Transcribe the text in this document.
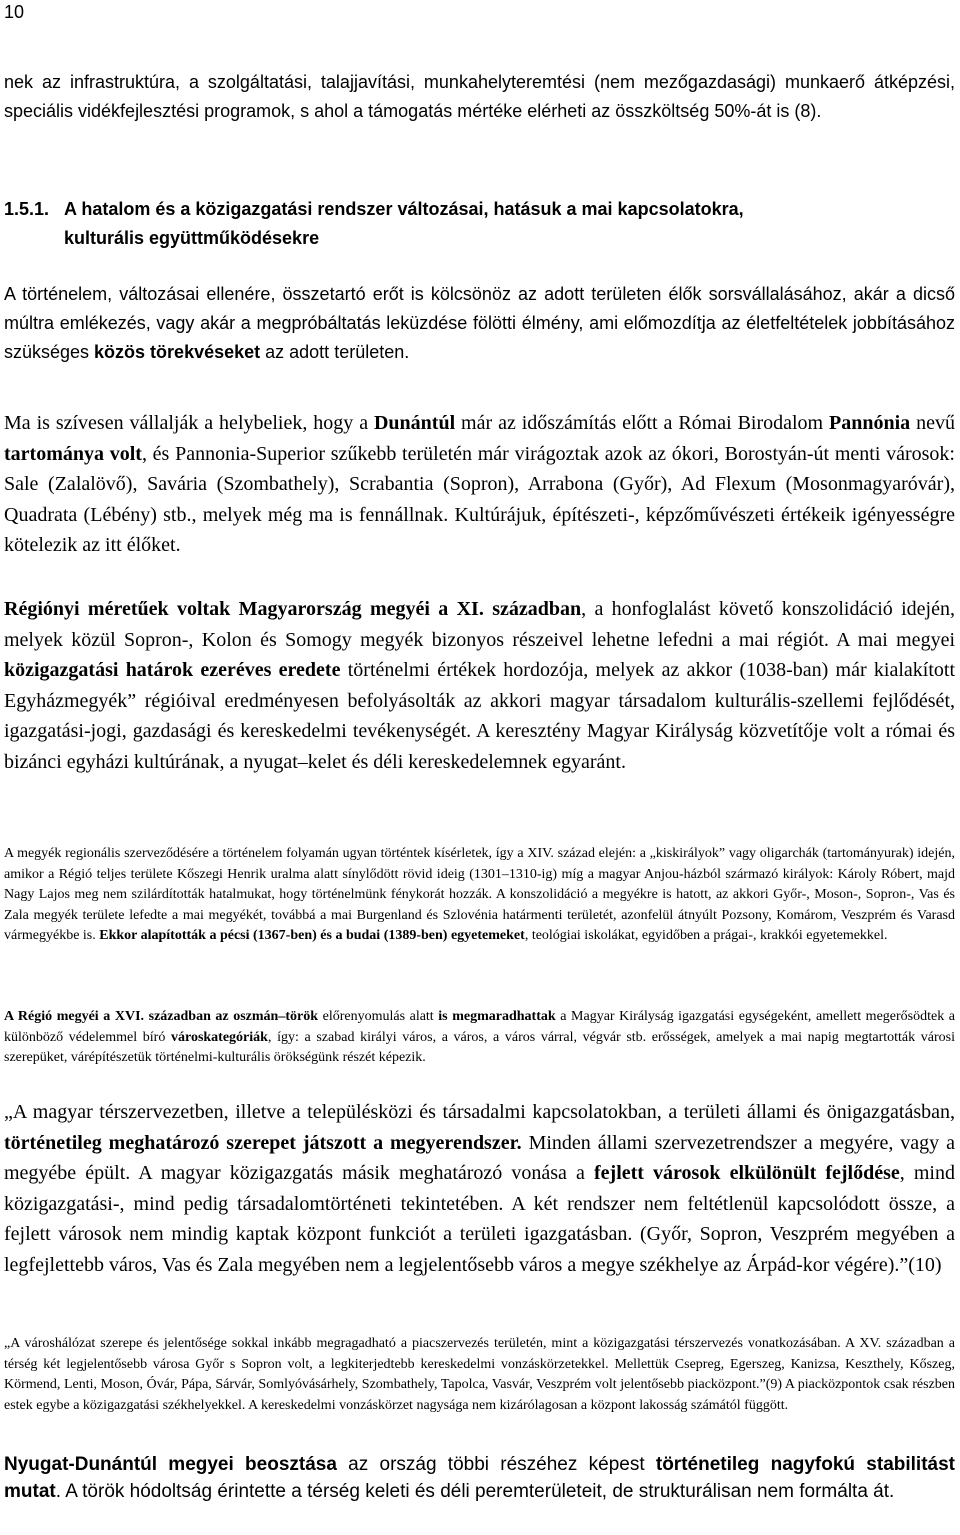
10

nek az infrastruktúra, a szolgáltatási, talajjavítási, munkahelyteremtési (nem mezőgazdasági) munkaerő átképzési, speciális vidékfejlesztési programok, s ahol a támogatás mértéke elérheti az összköltség 50%-át is (8).

1.5.1. A hatalom és a közigazgatási rendszer változásai, hatásuk a mai kapcsolatokra,
kulturális együttműködésekre

A történelem, változásai ellenére, összetartó erőt is kölcsönöz az adott területen élők sorsvállalásához, akár a dicső múltra emlékezés, vagy akár a megpróbáltatás leküzdése fölötti élmény, ami előmozdítja az életfeltételek jobbításához szükséges közös törekvéseket az adott területen.

Ma is szívesen vállalják a helybeliek, hogy a Dunántúl már az időszámítás előtt a Római Birodalom Pannónia nevű tartománya volt, és Pannonia-Superior szűkebb területén már virágoztak azok az ókori, Borostyán-út menti városok: Sale (Zalalövő), Savária (Szombathely), Scrabantia (Sopron), Arrabona (Győr), Ad Flexum (Mosonmagyaróvár), Quadrata (Lébény) stb., melyek még ma is fennállnak. Kultúrájuk, építészeti-, képzőművészeti értékeik igényességre kötelezik az itt élőket.

Régiónyi méretűek voltak Magyarország megyéi a XI. században, a honfoglalást követő konszolidáció idején, melyek közül Sopron-, Kolon és Somogy megyék bizonyos részeivel lehetne lefedni a mai régiót. A mai megyei közigazgatási határok ezeréves eredete történelmi értékek hordozója, melyek az akkor (1038-ban) már kialakított Egyházmegyék” régióival eredményesen befolyásolták az akkori magyar társadalom kulturális-szellemi fejlődését, igazgatási-jogi, gazdasági és kereskedelmi tevékenységét. A keresztény Magyar Királyság közvetítője volt a római és bizánci egyházi kultúrának, a nyugat–kelet és déli kereskedelemnek egyaránt.

A megyék regionális szerveződésére a történelem folyamán ugyan történtek kísérletek, így a XIV. század elején: a „kiskirályok” vagy oligarchák (tartományurak) idején, amikor a Régió teljes területe Kőszegi Henrik uralma alatt sínylődött rövid ideig (1301–1310-ig) míg a magyar Anjou-házból származó királyok: Károly Róbert, majd Nagy Lajos meg nem szilárdították hatalmukat, hogy történelmünk fénykorát hozzák. A konszolidáció a megyékre is hatott, az akkori Győr-, Moson-, Sopron-, Vas és Zala megyék területe lefedte a mai megyékét, továbbá a mai Burgenland és Szlovénia határmenti területét, azonfelül átnyúlt Pozsony, Komárom, Veszprém és Varasd vármegyékbe is. Ekkor alapították a pécsi (1367-ben) és a budai (1389-ben) egyetemeket, teológiai iskolákat, egyidőben a prágai-, krakkói egyetemekkel.

A Régió megyéi a XVI. században az oszmán–török előrenyomulás alatt is megmaradhattak a Magyar Királyság igazgatási egységeként, amellett megerősödtek a különböző védelemmel bíró városkategóriák, így: a szabad királyi város, a város, a város várral, végvár stb. erősségek, amelyek a mai napig megtartották városi szerepüket, várépítészetük történelmi-kulturális örökségünk részét képezik.

„A magyar térszervezetben, illetve a településközi és társadalmi kapcsolatokban, a területi állami és önigazgatásban, történetileg meghatározó szerepet játszott a megyerendszer. Minden állami szervezetrendszer a megyére, vagy a megyébe épült. A magyar közigazgatás másik meghatározó vonása a fejlett városok elkülönült fejlődése, mind közigazgatási-, mind pedig társadalomtörténeti tekintetében. A két rendszer nem feltétlenül kapcsolódott össze, a fejlett városok nem mindig kaptak központ funkciót a területi igazgatásban. (Győr, Sopron, Veszprém megyében a legfejlettebb város, Vas és Zala megyében nem a legjelentősebb város a megye székhelye az Árpád-kor végére).”(10)

„A városhálózat szerepe és jelentősége sokkal inkább megragadható a piacszervezés területén, mint a közigazgatási térszervezés vonatkozásában. A XV. században a térség két legjelentősebb városa Győr s Sopron volt, a legkiterjedtebb kereskedelmi vonzáskörzetekkel. Mellettük Csepreg, Egerszeg, Kanizsa, Keszthely, Kőszeg, Körmend, Lenti, Moson, Óvár, Pápa, Sárvár, Somlyóvásárhely, Szombathely, Tapolca, Vasvár, Veszprém volt jelentősebb piacközpont.”(9) A piacközpontok csak részben estek egybe a közigazgatási székhelyekkel. A kereskedelmi vonzáskörzet nagysága nem kizárólagosan a központ lakosság számától függött.

Nyugat-Dunántúl megyei beosztása az ország többi részéhez képest történetileg nagyfokú stabilitást mutat. A török hódoltság érintette a térség keleti és déli peremterületeit, de strukturálisan nem formálta át.
